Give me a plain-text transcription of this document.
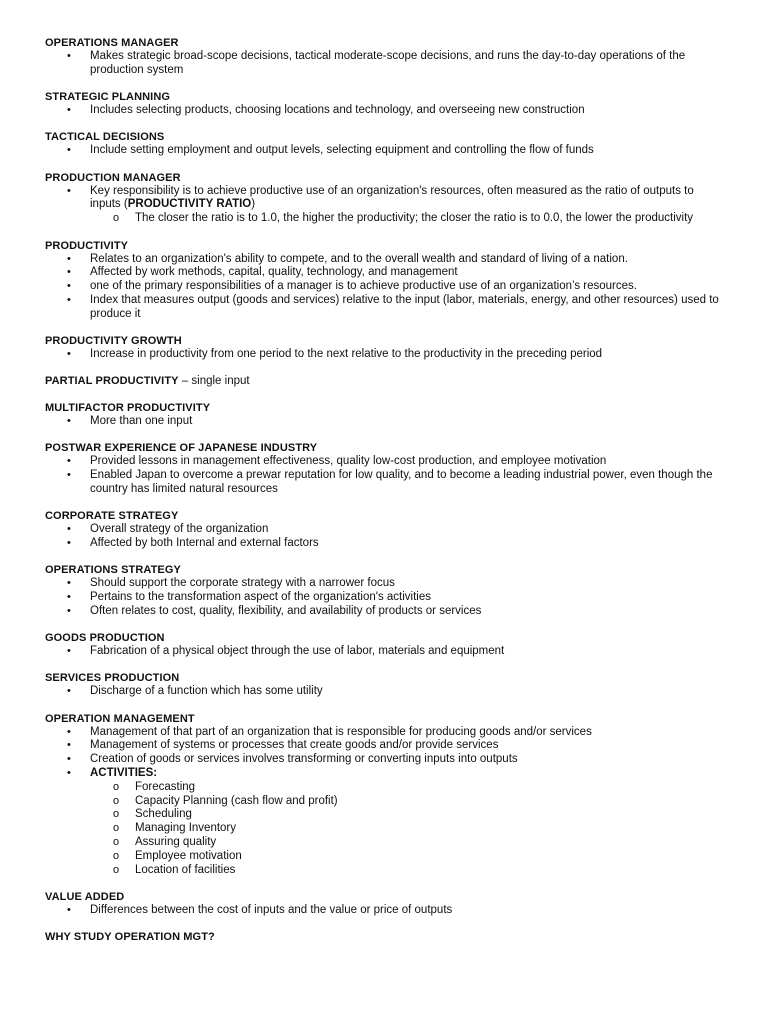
OPERATIONS MANAGER
• Makes strategic broad-scope decisions, tactical moderate-scope decisions, and runs the day-to-day operations of the production system
STRATEGIC PLANNING
• Includes selecting products, choosing locations and technology, and overseeing new construction
TACTICAL DECISIONS
• Include setting employment and output levels, selecting equipment and controlling the flow of funds
PRODUCTION MANAGER
• Key responsibility is to achieve productive use of an organization's resources, often measured as the ratio of outputs to inputs (PRODUCTIVITY RATIO)
o The closer the ratio is to 1.0, the higher the productivity; the closer the ratio is to 0.0, the lower the productivity
PRODUCTIVITY
• Relates to an organization's ability to compete, and to the overall wealth and standard of living of a nation.
• Affected by work methods, capital, quality, technology, and management
• one of the primary responsibilities of a manager is to achieve productive use of an organization’s resources.
• Index that measures output (goods and services) relative to the input (labor, materials, energy, and other resources) used to produce it
PRODUCTIVITY GROWTH
• Increase in productivity from one period to the next relative to the productivity in the preceding period
PARTIAL PRODUCTIVITY – single input
MULTIFACTOR PRODUCTIVITY
• More than one input
POSTWAR EXPERIENCE OF JAPANESE INDUSTRY
• Provided lessons in management effectiveness, quality low-cost production, and employee motivation
• Enabled Japan to overcome a prewar reputation for low quality, and to become a leading industrial power, even though the country has limited natural resources
CORPORATE STRATEGY
• Overall strategy of the organization
• Affected by both Internal and external factors
OPERATIONS STRATEGY
• Should support the corporate strategy with a narrower focus
• Pertains to the transformation aspect of the organization's activities
• Often relates to cost, quality, flexibility, and availability of products or services
GOODS PRODUCTION
• Fabrication of a physical object through the use of labor, materials and equipment
SERVICES PRODUCTION
• Discharge of a function which has some utility
OPERATION MANAGEMENT
• Management of that part of an organization that is responsible for producing goods and/or services
• Management of systems or processes that create goods and/or provide services
• Creation of goods or services involves transforming or converting inputs into outputs
• ACTIVITIES:
o Forecasting
o Capacity Planning (cash flow and profit)
o Scheduling
o Managing Inventory
o Assuring quality
o Employee motivation
o Location of facilities
VALUE ADDED
• Differences between the cost of inputs and the value or price of outputs
WHY STUDY OPERATION MGT?
